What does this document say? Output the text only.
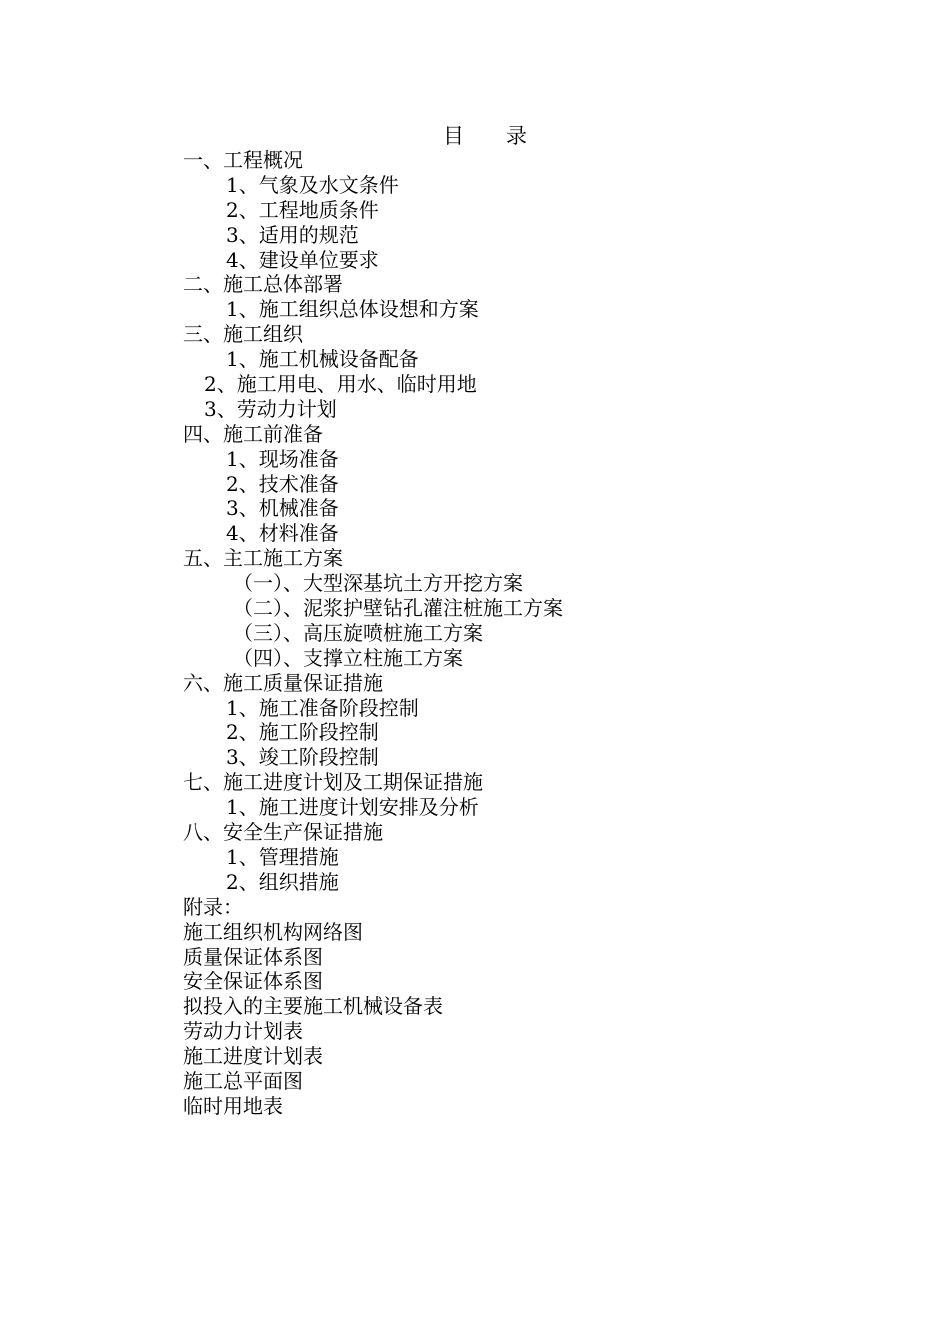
目　　录
一、工程概况
1、气象及水文条件
2、工程地质条件
3、适用的规范
4、建设单位要求
二、施工总体部署
1、施工组织总体设想和方案
三、施工组织
1、施工机械设备配备
2、施工用电、用水、临时用地
3、劳动力计划
四、施工前准备
1、现场准备
2、技术准备
3、机械准备
4、材料准备
五、主工施工方案
（一）、大型深基坑土方开挖方案
（二）、泥浆护壁钻孔灌注桩施工方案
（三）、高压旋喷桩施工方案
（四）、支撑立柱施工方案
六、施工质量保证措施
1、施工准备阶段控制
2、施工阶段控制
3、竣工阶段控制
七、施工进度计划及工期保证措施
1、施工进度计划安排及分析
八、安全生产保证措施
1、管理措施
2、组织措施
附录：
施工组织机构网络图
质量保证体系图
安全保证体系图
拟投入的主要施工机械设备表
劳动力计划表
施工进度计划表
施工总平面图
临时用地表
